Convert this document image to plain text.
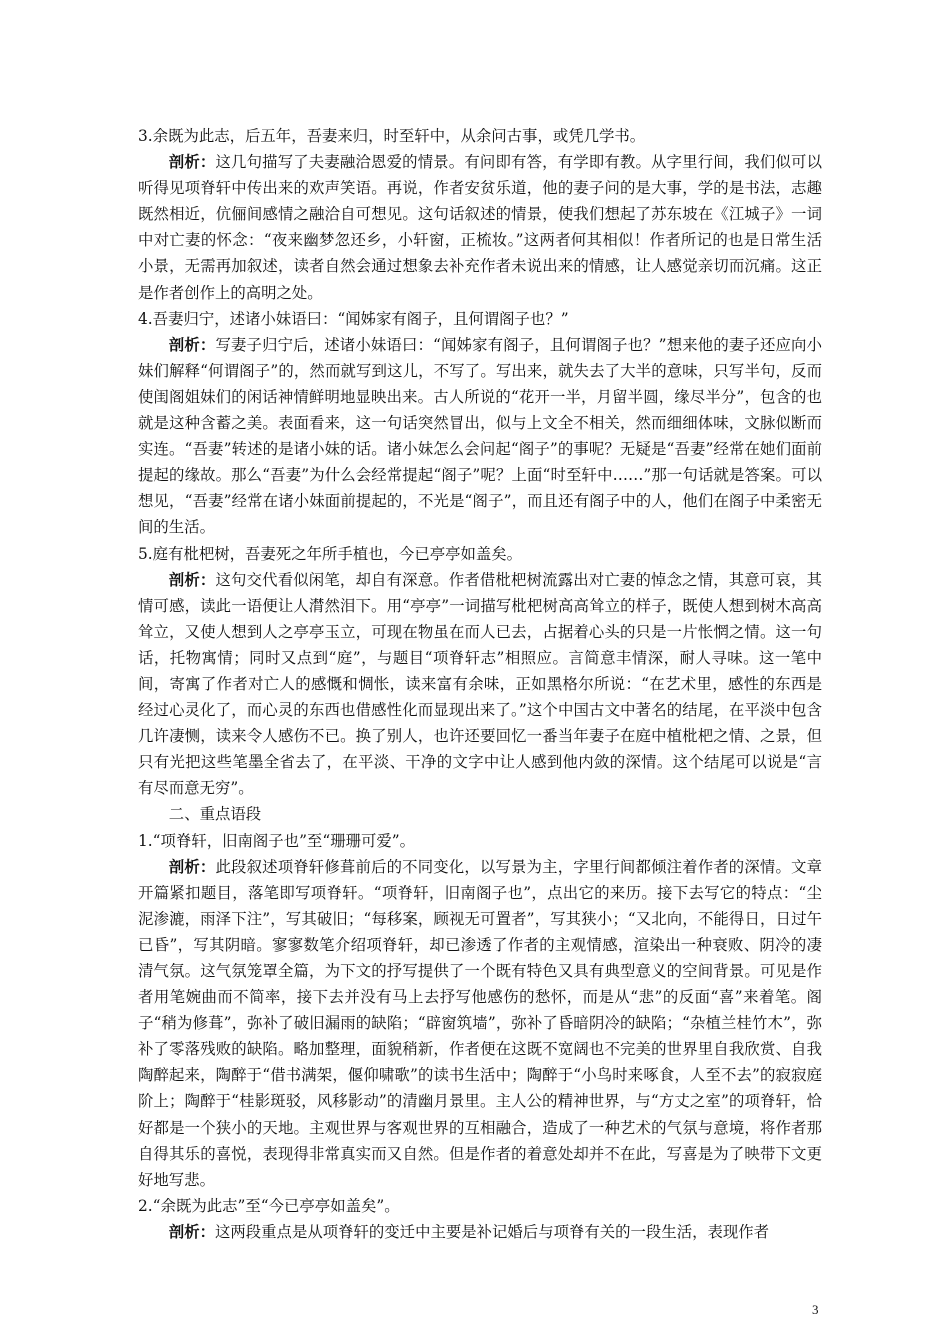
3.余既为此志，后五年，吾妻来归，时至轩中，从余问古事，或凭几学书。

剖析：这几句描写了夫妻融洽恩爱的情景。有问即有答，有学即有教。从字里行间，我们似可以听得见项脊轩中传出来的欢声笑语。再说，作者安贫乐道，他的妻子问的是大事，学的是书法，志趣既然相近，伉俪间感情之融洽自可想见。这句话叙述的情景，使我们想起了苏东坡在《江城子》一词中对亡妻的怀念：“夜来幽梦忽还乡，小轩窗，正梳妆。”这两者何其相似！作者所记的也是日常生活小景，无需再加叙述，读者自然会通过想象去补充作者未说出来的情感，让人感觉亲切而沉痛。这正是作者创作上的高明之处。

4.吾妻归宁，述诸小妹语曰：“闻姊家有阁子，且何谓阁子也？”

剖析：写妻子归宁后，述诸小妹语曰：“闻姊家有阁子，且何谓阁子也？”想来他的妻子还应向小妹们解释“何谓阁子”的，然而就写到这儿，不写了。写出来，就失去了大半的意味，只写半句，反而使闺阁姐妹们的闲话神情鲜明地显映出来。古人所说的“花开一半，月留半圆，缘尽半分”，包含的也就是这种含蓄之美。表面看来，这一句话突然冒出，似与上文全不相关，然而细细体味，文脉似断而实连。“吾妻”转述的是诸小妹的话。诸小妹怎么会问起“阁子”的事呢？无疑是“吾妻”经常在她们面前提起的缘故。那么“吾妻”为什么会经常提起“阁子”呢？上面“时至轩中……”那一句话就是答案。可以想见，“吾妻”经常在诸小妹面前提起的，不光是“阁子”，而且还有阁子中的人，他们在阁子中柔密无间的生活。

5.庭有枇杷树，吾妻死之年所手植也，今已亭亭如盖矣。

剖析：这句交代看似闲笔，却自有深意。作者借枇杷树流露出对亡妻的悼念之情，其意可哀，其情可感，读此一语便让人潸然泪下。用“亭亭”一词描写枇杷树高高耸立的样子，既使人想到树木高高耸立，又使人想到人之亭亭玉立，可现在物虽在而人已去，占据着心头的只是一片怅惘之情。这一句话，托物寓情；同时又点到“庭”，与题目“项脊轩志”相照应。言简意丰情深，耐人寻味。这一笔中间，寄寓了作者对亡人的感慨和惆怅，读来富有余味，正如黑格尔所说：“在艺术里，感性的东西是经过心灵化了，而心灵的东西也借感性化而显现出来了。”这个中国古文中著名的结尾，在平淡中包含几许凄恻，读来令人感伤不已。换了别人，也许还要回忆一番当年妻子在庭中植枇杷之情、之景，但只有光把这些笔墨全省去了，在平淡、干净的文字中让人感到他内敛的深情。这个结尾可以说是“言有尽而意无穷”。

二、重点语段

1.“项脊轩，旧南阁子也”至“珊珊可爱”。

剖析：此段叙述项脊轩修葺前后的不同变化，以写景为主，字里行间都倾注着作者的深情。文章开篇紧扣题目，落笔即写项脊轩。“项脊轩，旧南阁子也”，点出它的来历。接下去写它的特点：“尘泥渗漉，雨泽下注”，写其破旧；“每移案，顾视无可置者”，写其狭小；“又北向，不能得日，日过午已昏”，写其阴暗。寥寥数笔介绍项脊轩，却已渗透了作者的主观情感，渲染出一种衰败、阴冷的凄清气氛。这气氛笼罩全篇，为下文的抒写提供了一个既有特色又具有典型意义的空间背景。可见是作者用笔婉曲而不简率，接下去并没有马上去抒写他感伤的愁怀，而是从“悲”的反面“喜”来着笔。阁子“稍为修葺”，弥补了破旧漏雨的缺陷；“辟窗筑墙”，弥补了昏暗阴冷的缺陷；“杂植兰桂竹木”，弥补了零落残败的缺陷。略加整理，面貌稍新，作者便在这既不宽阔也不完美的世界里自我欣赏、自我陶醉起来，陶醉于“借书满架，偃仰啸歌”的读书生活中；陶醉于“小鸟时来啄食，人至不去”的寂寂庭阶上；陶醉于“桂影斑驳，风移影动”的清幽月景里。主人公的精神世界，与“方丈之室”的项脊轩，恰好都是一个狭小的天地。主观世界与客观世界的互相融合，造成了一种艺术的气氛与意境，将作者那自得其乐的喜悦，表现得非常真实而又自然。但是作者的着意处却并不在此，写喜是为了映带下文更好地写悲。

2.“余既为此志”至“今已亭亭如盖矣”。

剖析：这两段重点是从项脊轩的变迁中主要是补记婚后与项脊有关的一段生活，表现作者

3
